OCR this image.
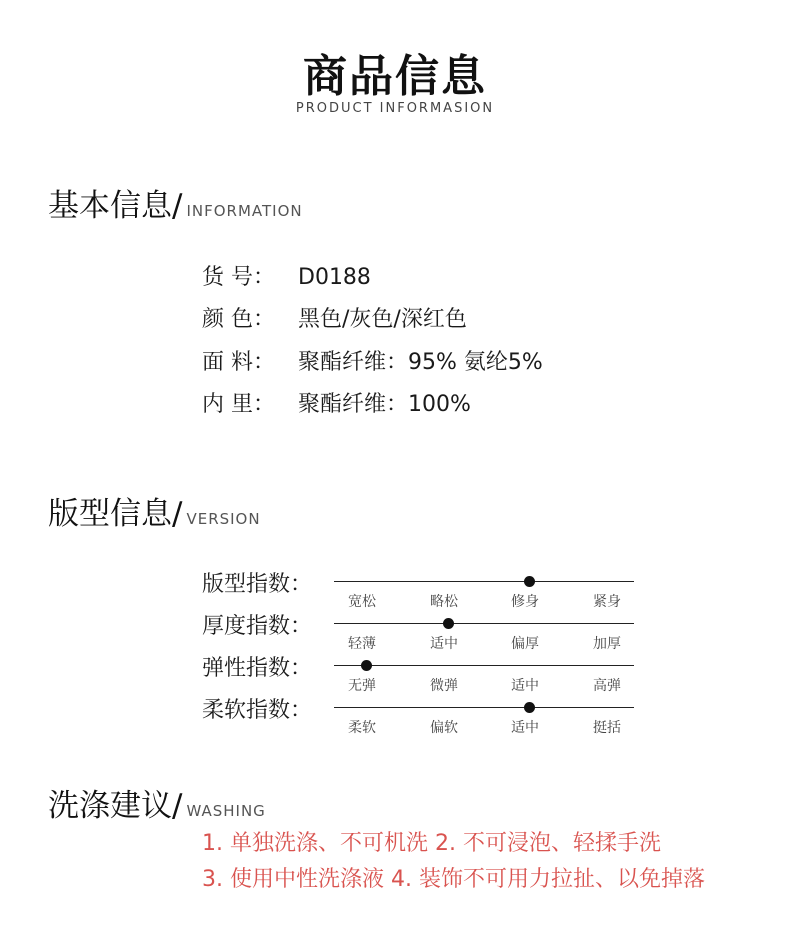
商品信息
PRODUCT INFORMASION
基本信息/ INFORMATION
货 号： D0188
颜 色： 黑色/灰色/深红色
面 料： 聚酯纤维：95% 氨纶5%
内 里： 聚酯纤维：100%
版型信息/ VERSION
版型指数：
宽松	略松	修身	紧身
厚度指数：
轻薄	适中	偏厚	加厚
弹性指数：
无弹	微弹	适中	高弹
柔软指数：
柔软	偏软	适中	挺括
洗涤建议/ WASHING
1. 单独洗涤、不可机洗 2. 不可浸泡、轻揉手洗
3. 使用中性洗涤液 4. 装饰不可用力拉扯、以免掉落
